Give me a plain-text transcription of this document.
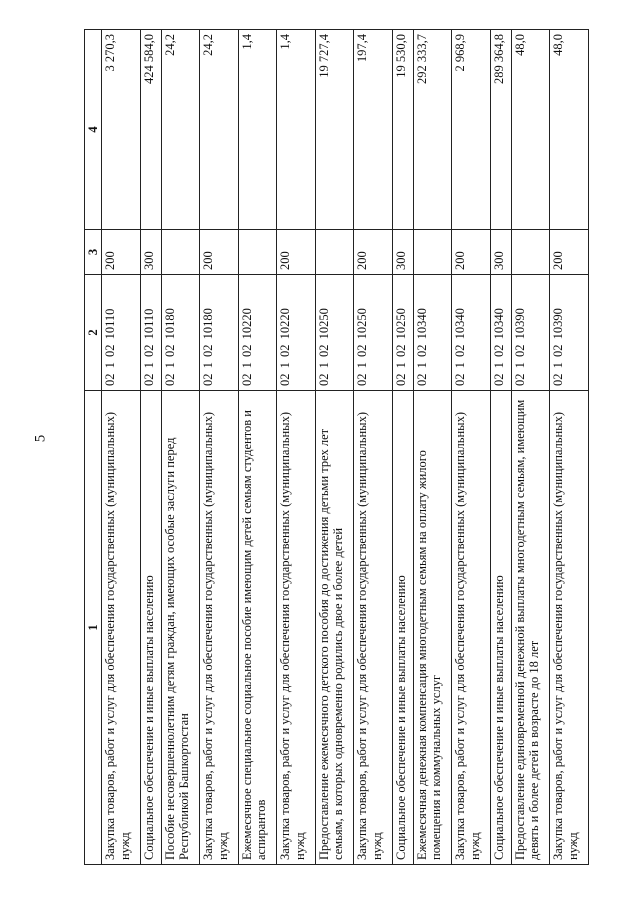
5
1	2	3	4
Закупка товаров, работ и услуг для обеспечения государственных (муниципальных) нужд	02 1 02 10110	200	3 270,3
Социальное обеспечение и иные выплаты населению	02 1 02 10110	300	424 584,0
Пособие несовершеннолетним детям граждан, имеющих особые заслуги перед Республикой Башкортостан	02 1 02 10180		24,2
Закупка товаров, работ и услуг для обеспечения государственных (муниципальных) нужд	02 1 02 10180	200	24,2
Ежемесячное специальное социальное пособие имеющим детей семьям студентов и аспирантов	02 1 02 10220		1,4
Закупка товаров, работ и услуг для обеспечения государственных (муниципальных) нужд	02 1 02 10220	200	1,4
Предоставление ежемесячного детского пособия до достижения детьми трех лет семьям, в которых одновременно родились двое и более детей	02 1 02 10250		19 727,4
Закупка товаров, работ и услуг для обеспечения государственных (муниципальных) нужд	02 1 02 10250	200	197,4
Социальное обеспечение и иные выплаты населению	02 1 02 10250	300	19 530,0
Ежемесячная денежная компенсация многодетным семьям на оплату жилого помещения и коммунальных услуг	02 1 02 10340		292 333,7
Закупка товаров, работ и услуг для обеспечения государственных (муниципальных) нужд	02 1 02 10340	200	2 968,9
Социальное обеспечение и иные выплаты населению	02 1 02 10340	300	289 364,8
Предоставление единовременной денежной выплаты многодетным семьям, имеющим девять и более детей в возрасте до 18 лет	02 1 02 10390		48,0
Закупка товаров, работ и услуг для обеспечения государственных (муниципальных) нужд	02 1 02 10390	200	48,0
